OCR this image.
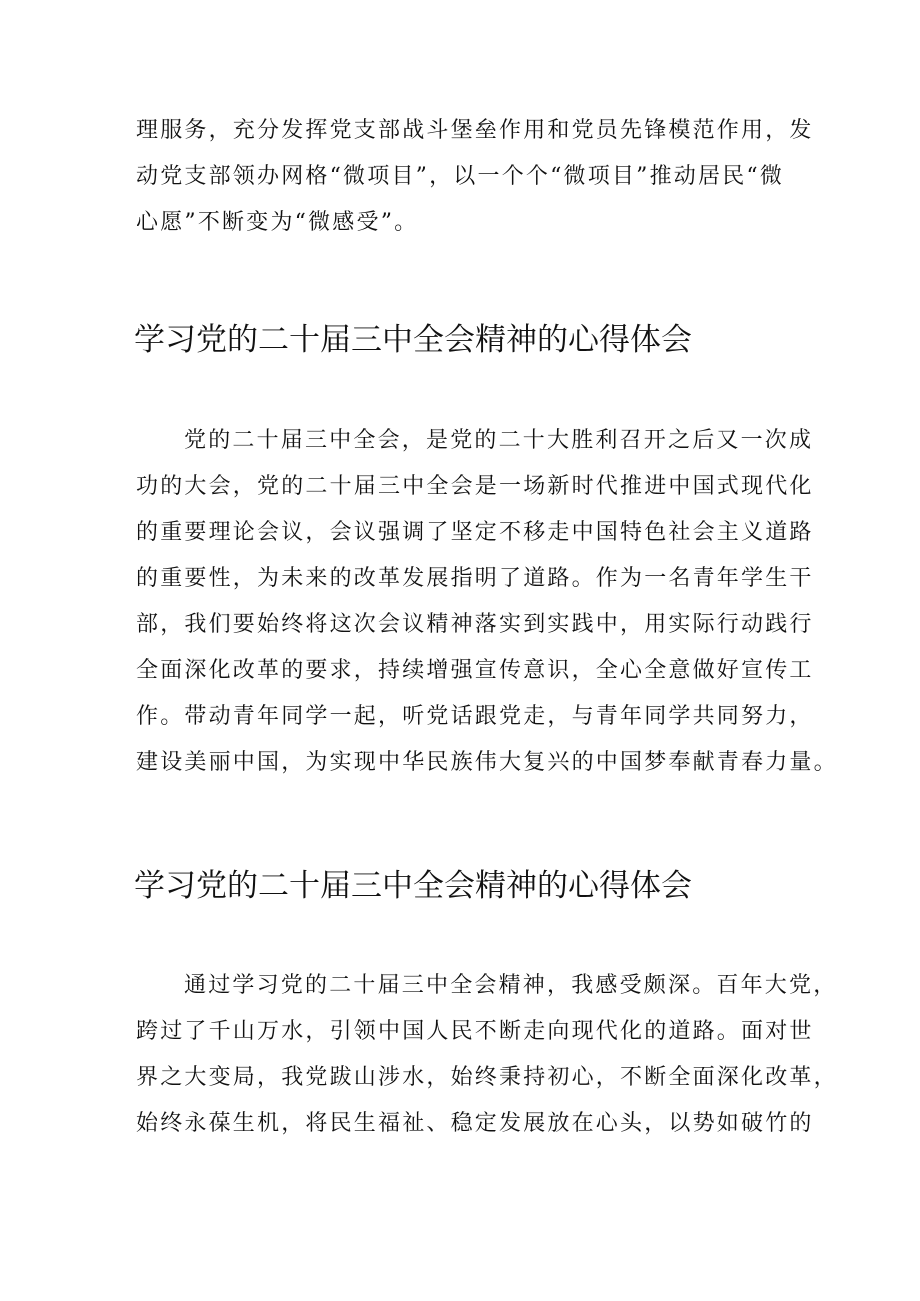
理服务，充分发挥党支部战斗堡垒作用和党员先锋模范作用，发
动党支部领办网格“微项目”，以一个个“微项目”推动居民“微
心愿”不断变为“微感受”。
学习党的二十届三中全会精神的心得体会
党的二十届三中全会，是党的二十大胜利召开之后又一次成
功的大会，党的二十届三中全会是一场新时代推进中国式现代化
的重要理论会议，会议强调了坚定不移走中国特色社会主义道路
的重要性，为未来的改革发展指明了道路。作为一名青年学生干
部，我们要始终将这次会议精神落实到实践中，用实际行动践行
全面深化改革的要求，持续增强宣传意识，全心全意做好宣传工
作。带动青年同学一起，听党话跟党走，与青年同学共同努力，
建设美丽中国，为实现中华民族伟大复兴的中国梦奉献青春力量。
学习党的二十届三中全会精神的心得体会
通过学习党的二十届三中全会精神，我感受颇深。百年大党，
跨过了千山万水，引领中国人民不断走向现代化的道路。面对世
界之大变局，我党跋山涉水，始终秉持初心，不断全面深化改革，
始终永葆生机，将民生福祉、稳定发展放在心头，以势如破竹的
